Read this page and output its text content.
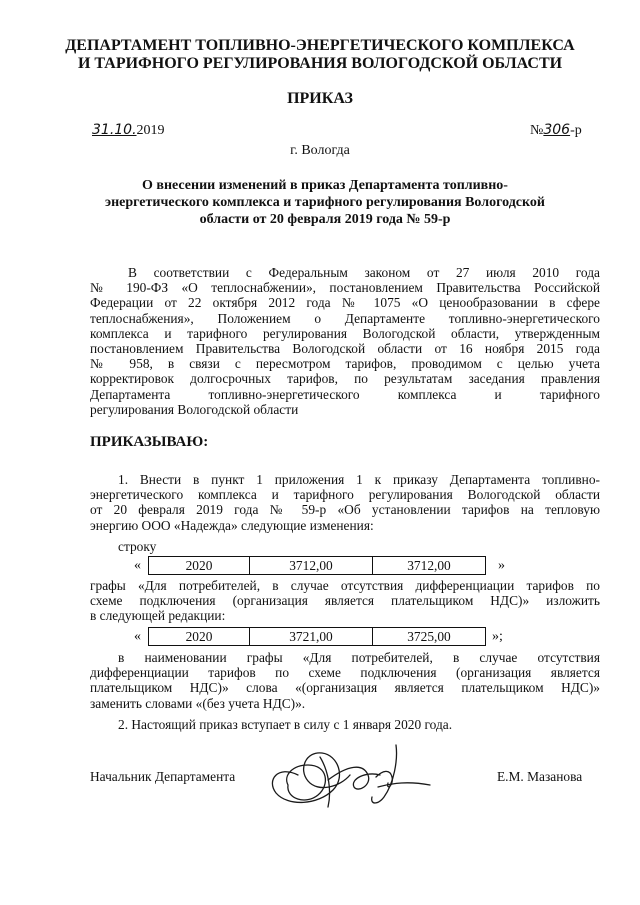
ДЕПАРТАМЕНТ ТОПЛИВНО-ЭНЕРГЕТИЧЕСКОГО КОМПЛЕКСА
И ТАРИФНОГО РЕГУЛИРОВАНИЯ ВОЛОГОДСКОЙ ОБЛАСТИ
ПРИКАЗ
31.10.2019	№306-р
г. Вологда
О внесении изменений в приказ Департамента топливно-
энергетического комплекса и тарифного регулирования Вологодской
области от 20 февраля 2019 года № 59-р
В соответствии с Федеральным законом от 27 июля 2010 года
№ 190-ФЗ «О теплоснабжении», постановлением Правительства Российской
Федерации от 22 октября 2012 года № 1075 «О ценообразовании в сфере
теплоснабжения», Положением о Департаменте топливно-энергетического
комплекса и тарифного регулирования Вологодской области, утвержденным
постановлением Правительства Вологодской области от 16 ноября 2015 года
№ 958, в связи с пересмотром тарифов, проводимом с целью учета
корректировок долгосрочных тарифов, по результатам заседания правления
Департамента топливно-энергетического комплекса и тарифного
регулирования Вологодской области
ПРИКАЗЫВАЮ:
1. Внести в пункт 1 приложения 1 к приказу Департамента топливно-
энергетического комплекса и тарифного регулирования Вологодской области
от 20 февраля 2019 года № 59-р «Об установлении тарифов на тепловую
энергию ООО «Надежда» следующие изменения:
строку
«	2020	3712,00	3712,00	»
графы «Для потребителей, в случае отсутствия дифференциации тарифов по
схеме подключения (организация является плательщиком НДС)» изложить
в следующей редакции:
«	2020	3721,00	3725,00	»;
в наименовании графы «Для потребителей, в случае отсутствия
дифференциации тарифов по схеме подключения (организация является
плательщиком НДС)» слова «(организация является плательщиком НДС)»
заменить словами «(без учета НДС)».
2. Настоящий приказ вступает в силу с 1 января 2020 года.
Начальник Департамента	Е.М. Мазанова
